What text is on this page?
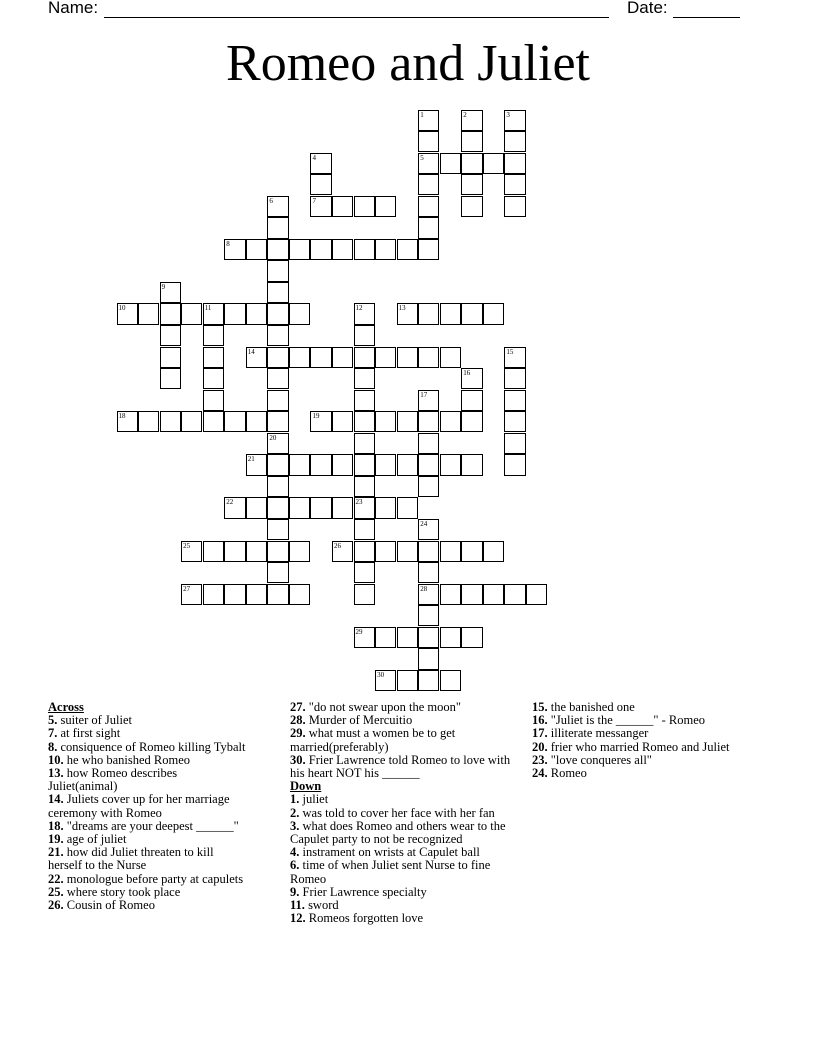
Name:	Date:
Romeo and Juliet
1
5
2	3
4
7
6
20
8
9
10	11	12
23
13
14	15
16
17
18	19
21
22
24
28
25	26
27
29
30
Across
5. suiter of Juliet
7. at first sight
8. consiquence of Romeo killing Tybalt
10. he who banished Romeo
13. how Romeo describes Juliet(animal)
14. Juliets cover up for her marriage ceremony with Romeo
18. "dreams are your deepest ______"
19. age of juliet
21. how did Juliet threaten to kill herself to the Nurse
22. monologue before party at capulets
25. where story took place
26. Cousin of Romeo
27. "do not swear upon the moon"
28. Murder of Mercuitio
29. what must a women be to get married(preferably)
30. Frier Lawrence told Romeo to love with his heart NOT his ______
Down
1. juliet
2. was told to cover her face with her fan
3. what does Romeo and others wear to the Capulet party to not be recognized
4. instrament on wrists at Capulet ball
6. time of when Juliet sent Nurse to fine Romeo
9. Frier Lawrence specialty
11. sword
12. Romeos forgotten love
15. the banished one
16. "Juliet is the ______" - Romeo
17. illiterate messanger
20. frier who married Romeo and Juliet
23. "love conqueres all"
24. Romeo
